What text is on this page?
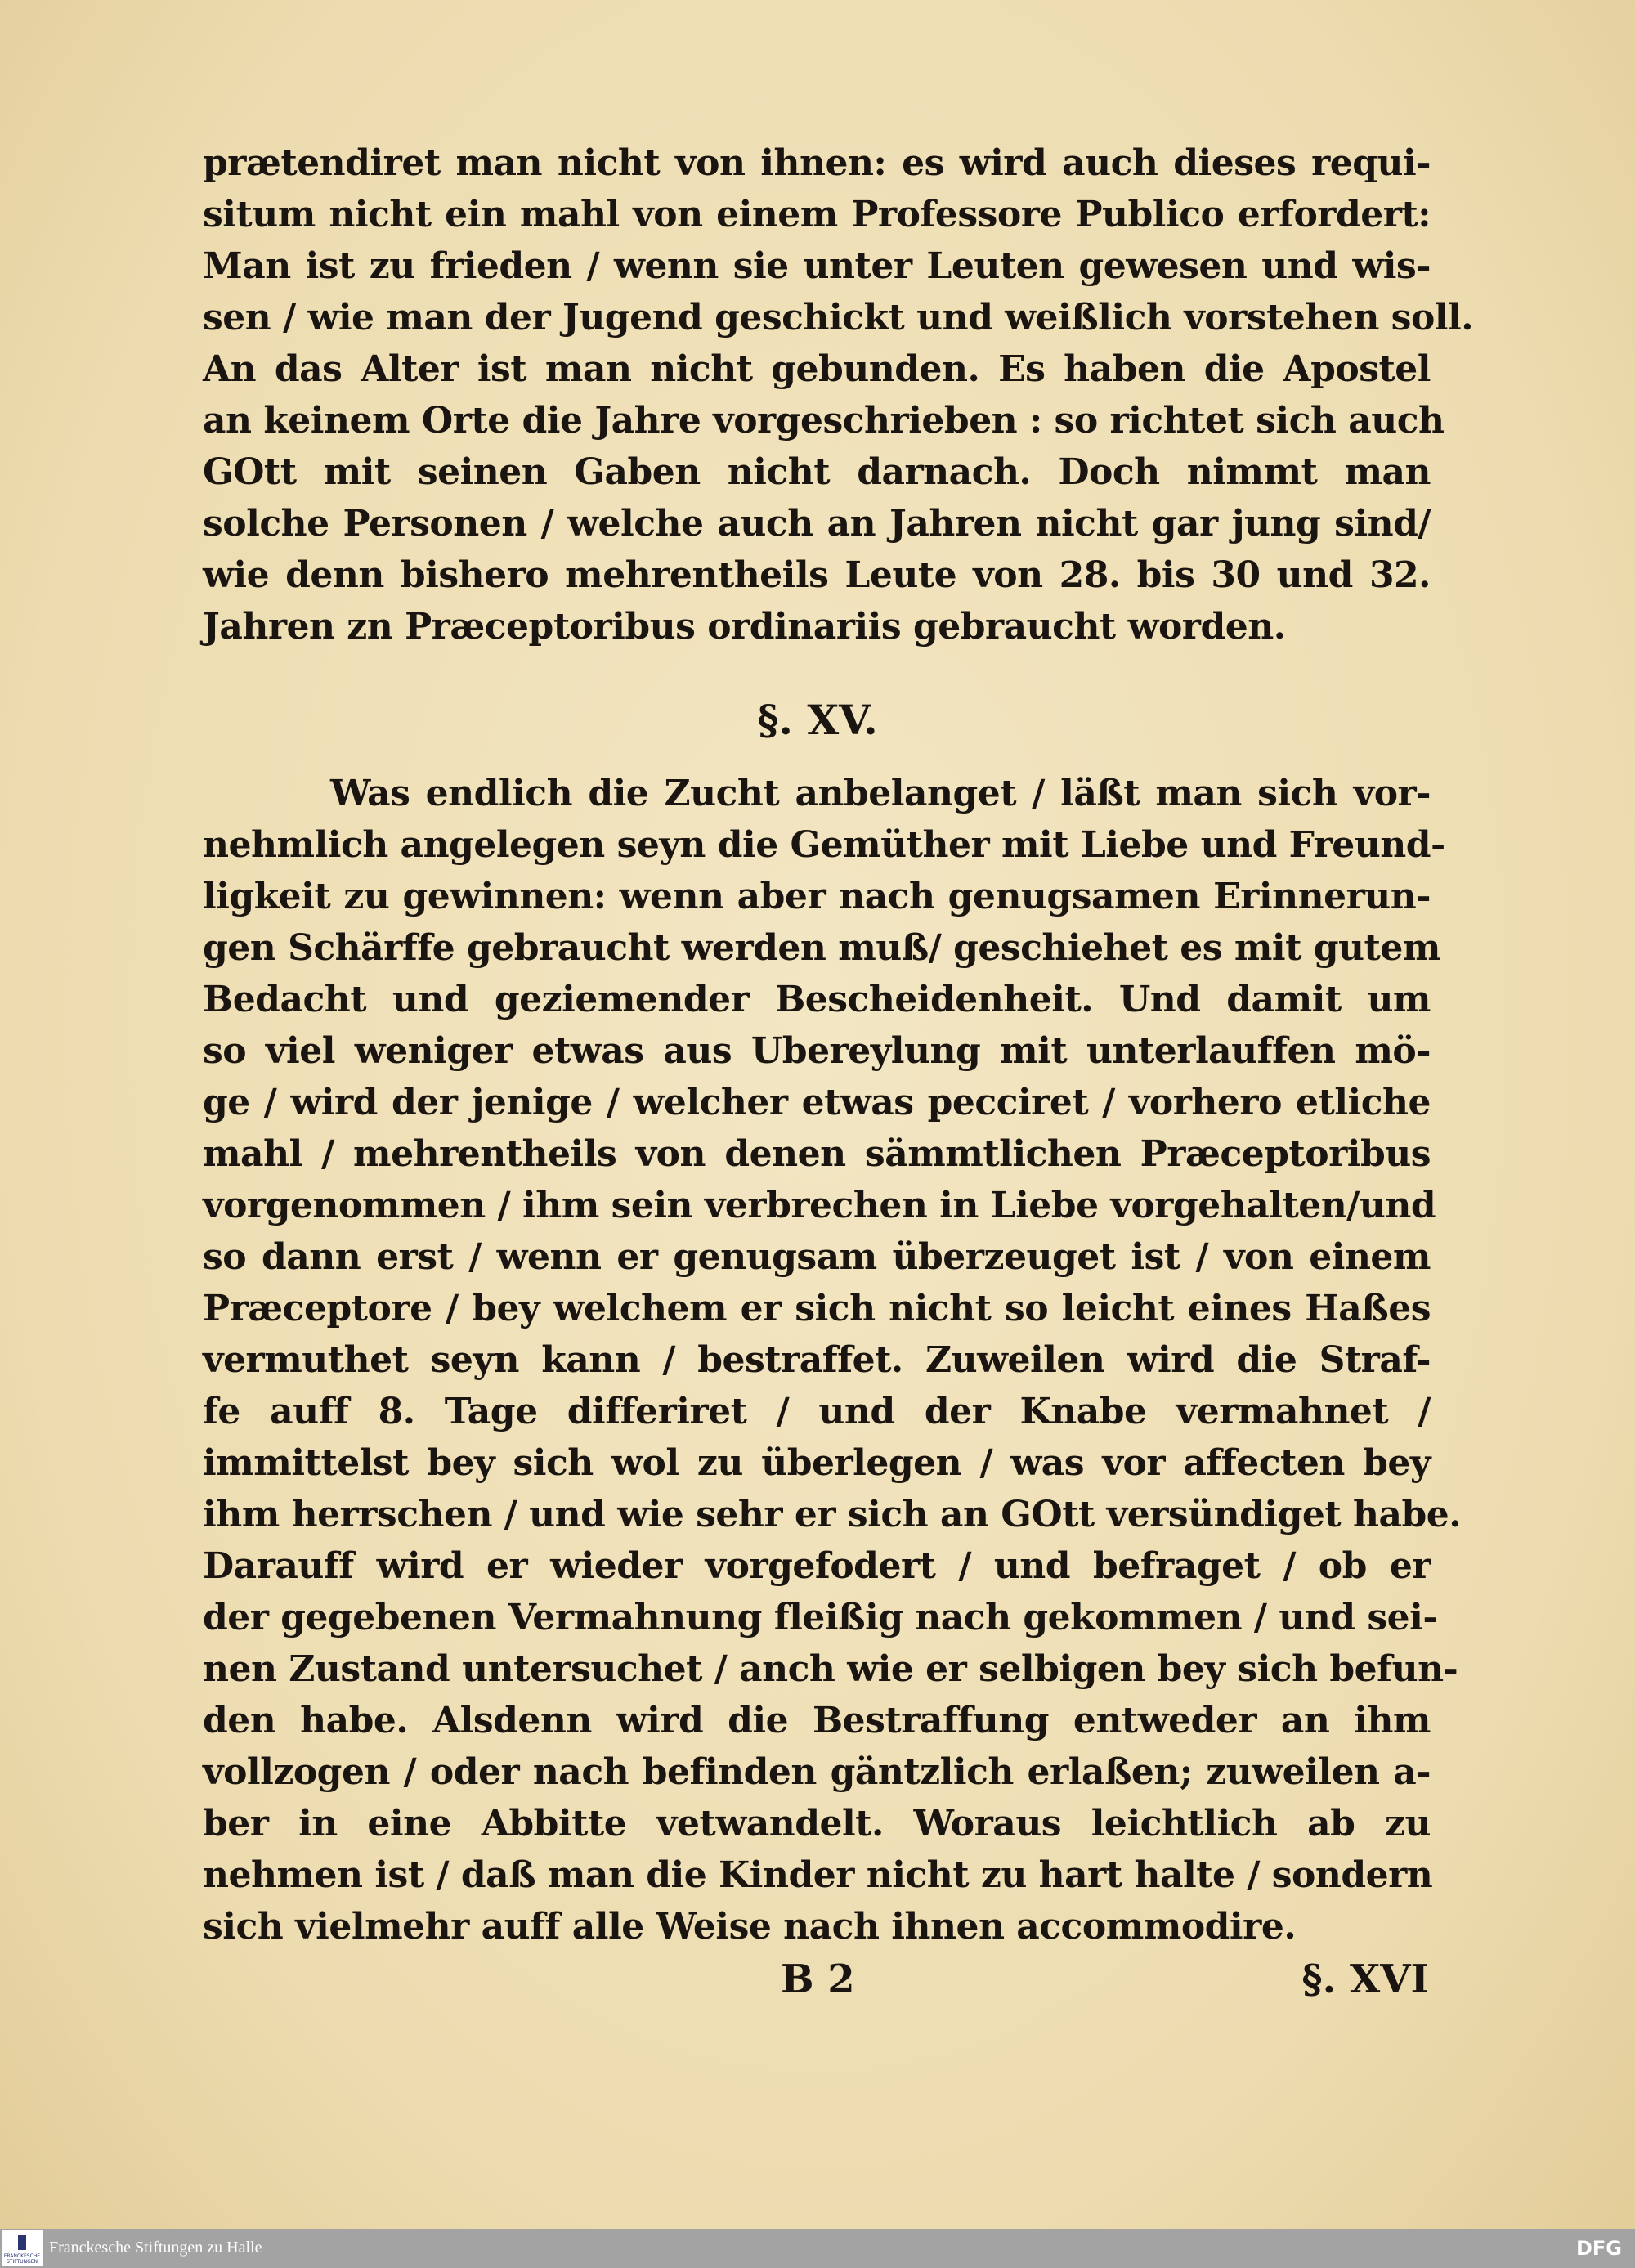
prætendiret man nicht von ihnen: es wird auch dieses requi-
situm nicht ein mahl von einem Professore Publico erfordert:
Man ist zu frieden / wenn sie unter Leuten gewesen und wis-
sen / wie man der Jugend geschickt und weißlich vorstehen soll.
An das Alter ist man nicht gebunden. Es haben die Apostel
an keinem Orte die Jahre vorgeschrieben : so richtet sich auch
GOtt mit seinen Gaben nicht darnach. Doch nimmt man
solche Personen / welche auch an Jahren nicht gar jung sind/
wie denn bishero mehrentheils Leute von 28. bis 30 und 32.
Jahren zn Præceptoribus ordinariis gebraucht worden.
§. XV.
Was endlich die Zucht anbelanget / läßt man sich vor-
nehmlich angelegen seyn die Gemüther mit Liebe und Freund-
ligkeit zu gewinnen: wenn aber nach genugsamen Erinnerun-
gen Schärffe gebraucht werden muß/ geschiehet es mit gutem
Bedacht und geziemender Bescheidenheit. Und damit um
so viel weniger etwas aus Ubereylung mit unterlauffen mö-
ge / wird der jenige / welcher etwas pecciret / vorhero etliche
mahl / mehrentheils von denen sämmtlichen Præceptoribus
vorgenommen / ihm sein verbrechen in Liebe vorgehalten/und
so dann erst / wenn er genugsam überzeuget ist / von einem
Præceptore / bey welchem er sich nicht so leicht eines Haßes
vermuthet seyn kann / bestraffet. Zuweilen wird die Straf-
fe auff 8. Tage differiret / und der Knabe vermahnet /
immittelst bey sich wol zu überlegen / was vor affecten bey
ihm herrschen / und wie sehr er sich an GOtt versündiget habe.
Darauff wird er wieder vorgefodert / und befraget / ob er
der gegebenen Vermahnung fleißig nach gekommen / und sei-
nen Zustand untersuchet / anch wie er selbigen bey sich befun-
den habe. Alsdenn wird die Bestraffung entweder an ihm
vollzogen / oder nach befinden gäntzlich erlaßen; zuweilen a-
ber in eine Abbitte vetwandelt. Woraus leichtlich ab zu
nehmen ist / daß man die Kinder nicht zu hart halte / sondern
sich vielmehr auff alle Weise nach ihnen accommodire.
B 2	§. XVI
FRANCKESCHE STIFTUNGEN
Franckesche Stiftungen zu Halle	DFG
